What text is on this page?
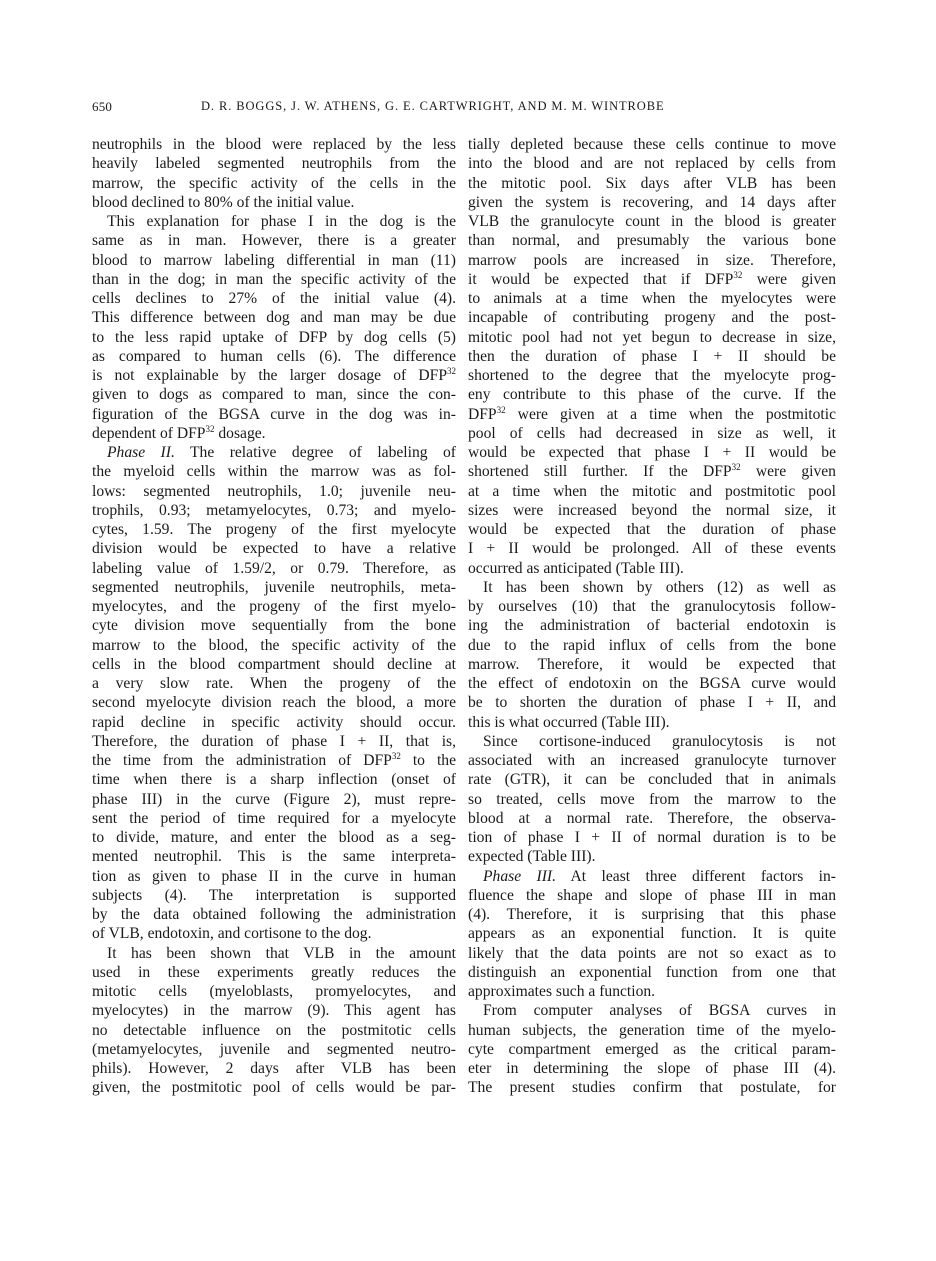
650	D. R. BOGGS, J. W. ATHENS, G. E. CARTWRIGHT, AND M. M. WINTROBE
neutrophils in the blood were replaced by the less
heavily labeled segmented neutrophils from the
marrow, the specific activity of the cells in the
blood declined to 80% of the initial value.
This explanation for phase I in the dog is the
same as in man. However, there is a greater
blood to marrow labeling differential in man (11)
than in the dog; in man the specific activity of the
cells declines to 27% of the initial value (4).
This difference between dog and man may be due
to the less rapid uptake of DFP by dog cells (5)
as compared to human cells (6). The difference
is not explainable by the larger dosage of DFP$^{32}$
given to dogs as compared to man, since the con-
figuration of the BGSA curve in the dog was in-
dependent of DFP$^{32}$ dosage.
Phase II. The relative degree of labeling of
the myeloid cells within the marrow was as fol-
lows: segmented neutrophils, 1.0; juvenile neu-
trophils, 0.93; metamyelocytes, 0.73; and myelo-
cytes, 1.59. The progeny of the first myelocyte
division would be expected to have a relative
labeling value of 1.59/2, or 0.79. Therefore, as
segmented neutrophils, juvenile neutrophils, meta-
myelocytes, and the progeny of the first myelo-
cyte division move sequentially from the bone
marrow to the blood, the specific activity of the
cells in the blood compartment should decline at
a very slow rate. When the progeny of the
second myelocyte division reach the blood, a more
rapid decline in specific activity should occur.
Therefore, the duration of phase I + II, that is,
the time from the administration of DFP$^{32}$ to the
time when there is a sharp inflection (onset of
phase III) in the curve (Figure 2), must repre-
sent the period of time required for a myelocyte
to divide, mature, and enter the blood as a seg-
mented neutrophil. This is the same interpreta-
tion as given to phase II in the curve in human
subjects (4). The interpretation is supported
by the data obtained following the administration
of VLB, endotoxin, and cortisone to the dog.
It has been shown that VLB in the amount
used in these experiments greatly reduces the
mitotic cells (myeloblasts, promyelocytes, and
myelocytes) in the marrow (9). This agent has
no detectable influence on the postmitotic cells
(metamyelocytes, juvenile and segmented neutro-
phils). However, 2 days after VLB has been
given, the postmitotic pool of cells would be par-
tially depleted because these cells continue to move
into the blood and are not replaced by cells from
the mitotic pool. Six days after VLB has been
given the system is recovering, and 14 days after
VLB the granulocyte count in the blood is greater
than normal, and presumably the various bone
marrow pools are increased in size. Therefore,
it would be expected that if DFP$^{32}$ were given
to animals at a time when the myelocytes were
incapable of contributing progeny and the post-
mitotic pool had not yet begun to decrease in size,
then the duration of phase I + II should be
shortened to the degree that the myelocyte prog-
eny contribute to this phase of the curve. If the
DFP$^{32}$ were given at a time when the postmitotic
pool of cells had decreased in size as well, it
would be expected that phase I + II would be
shortened still further. If the DFP$^{32}$ were given
at a time when the mitotic and postmitotic pool
sizes were increased beyond the normal size, it
would be expected that the duration of phase
I + II would be prolonged. All of these events
occurred as anticipated (Table III).
It has been shown by others (12) as well as
by ourselves (10) that the granulocytosis follow-
ing the administration of bacterial endotoxin is
due to the rapid influx of cells from the bone
marrow. Therefore, it would be expected that
the effect of endotoxin on the BGSA curve would
be to shorten the duration of phase I + II, and
this is what occurred (Table III).
Since cortisone-induced granulocytosis is not
associated with an increased granulocyte turnover
rate (GTR), it can be concluded that in animals
so treated, cells move from the marrow to the
blood at a normal rate. Therefore, the observa-
tion of phase I + II of normal duration is to be
expected (Table III).
Phase III. At least three different factors in-
fluence the shape and slope of phase III in man
(4). Therefore, it is surprising that this phase
appears as an exponential function. It is quite
likely that the data points are not so exact as to
distinguish an exponential function from one that
approximates such a function.
From computer analyses of BGSA curves in
human subjects, the generation time of the myelo-
cyte compartment emerged as the critical param-
eter in determining the slope of phase III (4).
The present studies confirm that postulate, for
